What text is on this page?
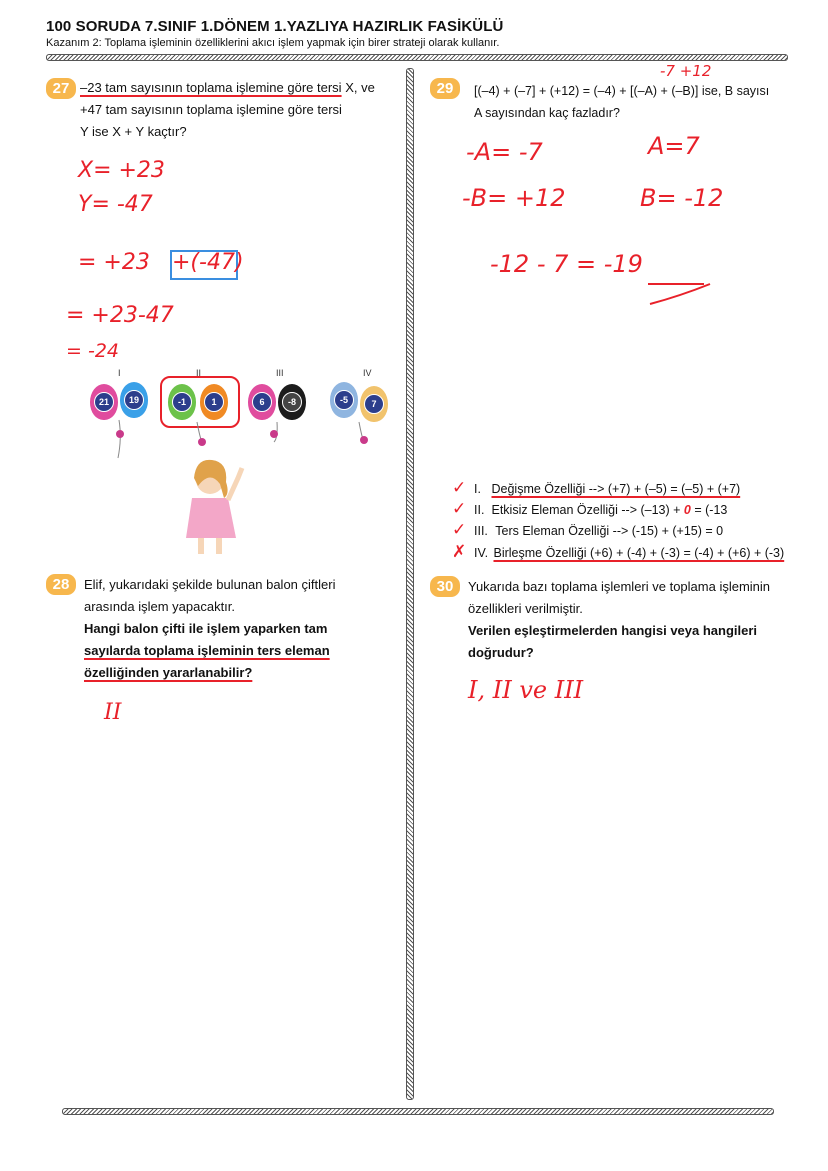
100 SORUDA 7.SINIF 1.DÖNEM 1.YAZLIYA HAZIRLIK FASİKÜLÜ
Kazanım 2: Toplama işleminin özelliklerini akıcı işlem yapmak için birer strateji olarak kullanır.
27 –23 tam sayısının toplama işlemine göre tersi X, ve
+47 tam sayısının toplama işlemine göre tersi
Y ise X + Y kaçtır?
X= +23
Y= -47
= +23 +(-47)
= +23-47
= -24
I	II	III	IV
21	19	-1	1	6	-8	-5	7
28	Elif, yukarıdaki şekilde bulunan balon çiftleri
arasında işlem yapacaktır.
Hangi balon çifti ile işlem yaparken tam
sayılarda toplama işleminin ters eleman
özelliğinden yararlanabilir?
II
29
-7 +12
[(–4) + (–7] + (+12) = (–4) + [(–A) + (–B)] ise, B sayısı
A sayısından kaç fazladır?
-A= -7	A=7
-B= +12	B= -12
-12 - 7 = -19
✓ I. Değişme Özelliği --> (+7) + (–5) = (–5) + (+7)
✓ II. Etkisiz Eleman Özelliği --> (–13) + 0 = (-13
✓ III. Ters Eleman Özelliği --> (-15) + (+15) = 0
✗ IV. Birleşme Özelliği (+6) + (-4) + (-3) = (-4) + (+6) + (-3)
30	Yukarıda bazı toplama işlemleri ve toplama işleminin
özellikleri verilmiştir.
Verilen eşleştirmelerden hangisi veya hangileri
doğrudur?
I, II ve III
